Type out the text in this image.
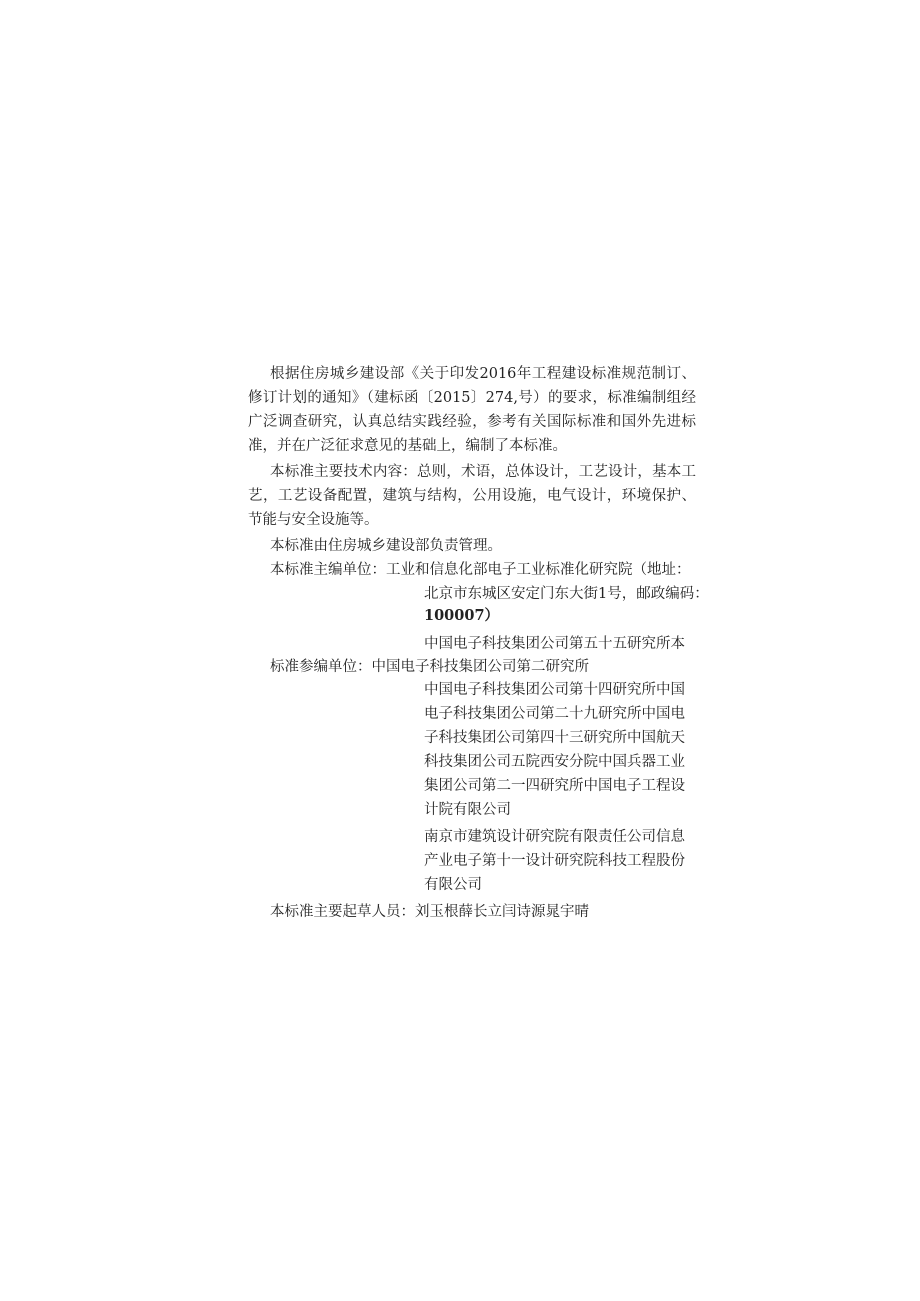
根据住房城乡建设部《关于印发2016年工程建设标准规范制订、修订计划的通知》（建标函〔2015〕274,号）的要求，标准编制组经广泛调查研究，认真总结实践经验，参考有关国际标准和国外先进标准，并在广泛征求意见的基础上，编制了本标准。

本标准主要技术内容：总则，术语，总体设计，工艺设计，基本工艺，工艺设备配置，建筑与结构，公用设施，电气设计，环境保护、节能与安全设施等。

本标准由住房城乡建设部负责管理。

本标准主编单位：工业和信息化部电子工业标准化研究院（地址：

北京市东城区安定门东大街1号，邮政编码：

100007）

中国电子科技集团公司第五十五研究所本

标准参编单位：中国电子科技集团公司第二研究所

中国电子科技集团公司第十四研究所中国
电子科技集团公司第二十九研究所中国电
子科技集团公司第四十三研究所中国航天
科技集团公司五院西安分院中国兵器工业
集团公司第二一四研究所中国电子工程设
计院有限公司
南京市建筑设计研究院有限责任公司信息
产业电子第十一设计研究院科技工程股份
有限公司

本标准主要起草人员：刘玉根薛长立闫诗源晁宇晴
